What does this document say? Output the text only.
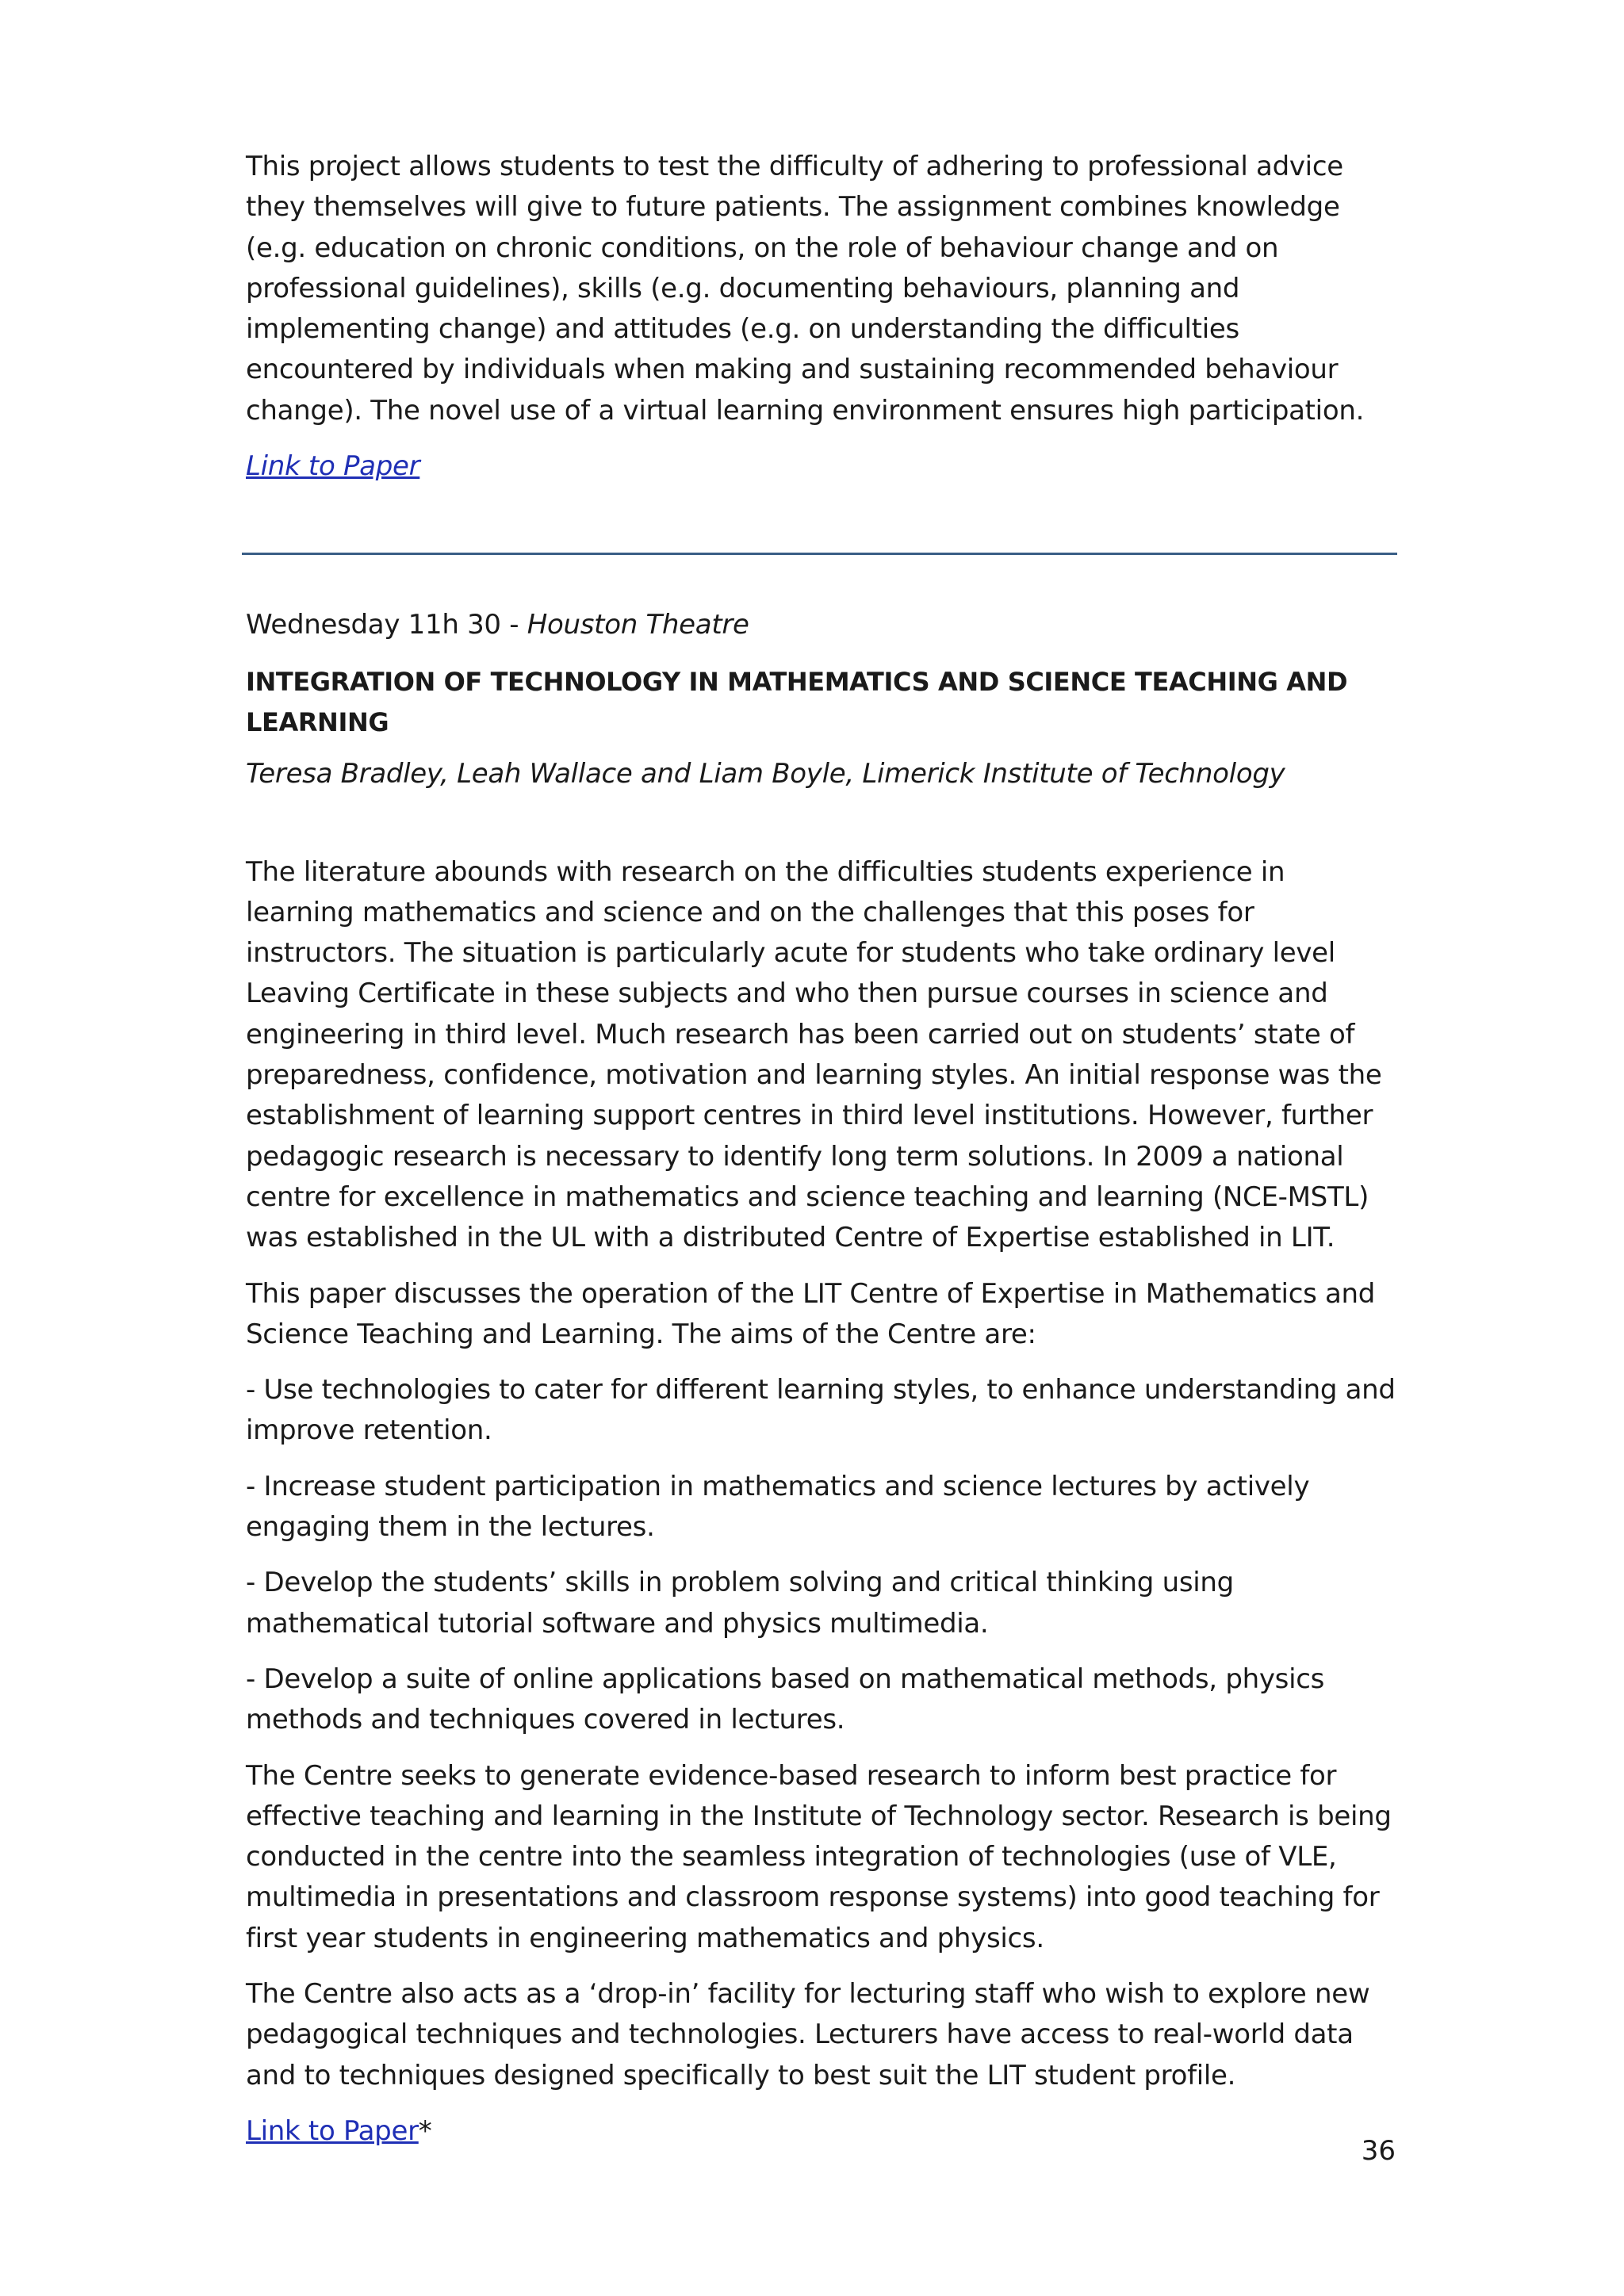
This project allows students to test the difficulty of adhering to professional advice they themselves will give to future patients. The assignment combines knowledge (e.g. education on chronic conditions, on the role of behaviour change and on professional guidelines), skills (e.g. documenting behaviours, planning and implementing change) and attitudes (e.g. on understanding the difficulties encountered by individuals when making and sustaining recommended behaviour change). The novel use of a virtual learning environment ensures high participation.

Link to Paper

Wednesday 11h 30 - Houston Theatre

INTEGRATION OF TECHNOLOGY IN MATHEMATICS AND SCIENCE TEACHING AND LEARNING

Teresa Bradley, Leah Wallace and Liam Boyle, Limerick Institute of Technology

The literature abounds with research on the difficulties students experience in learning mathematics and science and on the challenges that this poses for instructors. The situation is particularly acute for students who take ordinary level Leaving Certificate in these subjects and who then pursue courses in science and engineering in third level. Much research has been carried out on students’ state of preparedness, confidence, motivation and learning styles. An initial response was the establishment of learning support centres in third level institutions. However, further pedagogic research is necessary to identify long term solutions. In 2009 a national centre for excellence in mathematics and science teaching and learning (NCE-MSTL) was established in the UL with a distributed Centre of Expertise established in LIT.

This paper discusses the operation of the LIT Centre of Expertise in Mathematics and Science Teaching and Learning. The aims of the Centre are:

- Use technologies to cater for different learning styles, to enhance understanding and improve retention.

- Increase student participation in mathematics and science lectures by actively engaging them in the lectures.

- Develop the students’ skills in problem solving and critical thinking using mathematical tutorial software and physics multimedia.

- Develop a suite of online applications based on mathematical methods, physics methods and techniques covered in lectures.

The Centre seeks to generate evidence-based research to inform best practice for effective teaching and learning in the Institute of Technology sector. Research is being conducted in the centre into the seamless integration of technologies (use of VLE, multimedia in presentations and classroom response systems) into good teaching for first year students in engineering mathematics and physics.

The Centre also acts as a ‘drop-in’ facility for lecturing staff who wish to explore new pedagogical techniques and technologies. Lecturers have access to real-world data and to techniques designed specifically to best suit the LIT student profile.

Link to Paper*

36
